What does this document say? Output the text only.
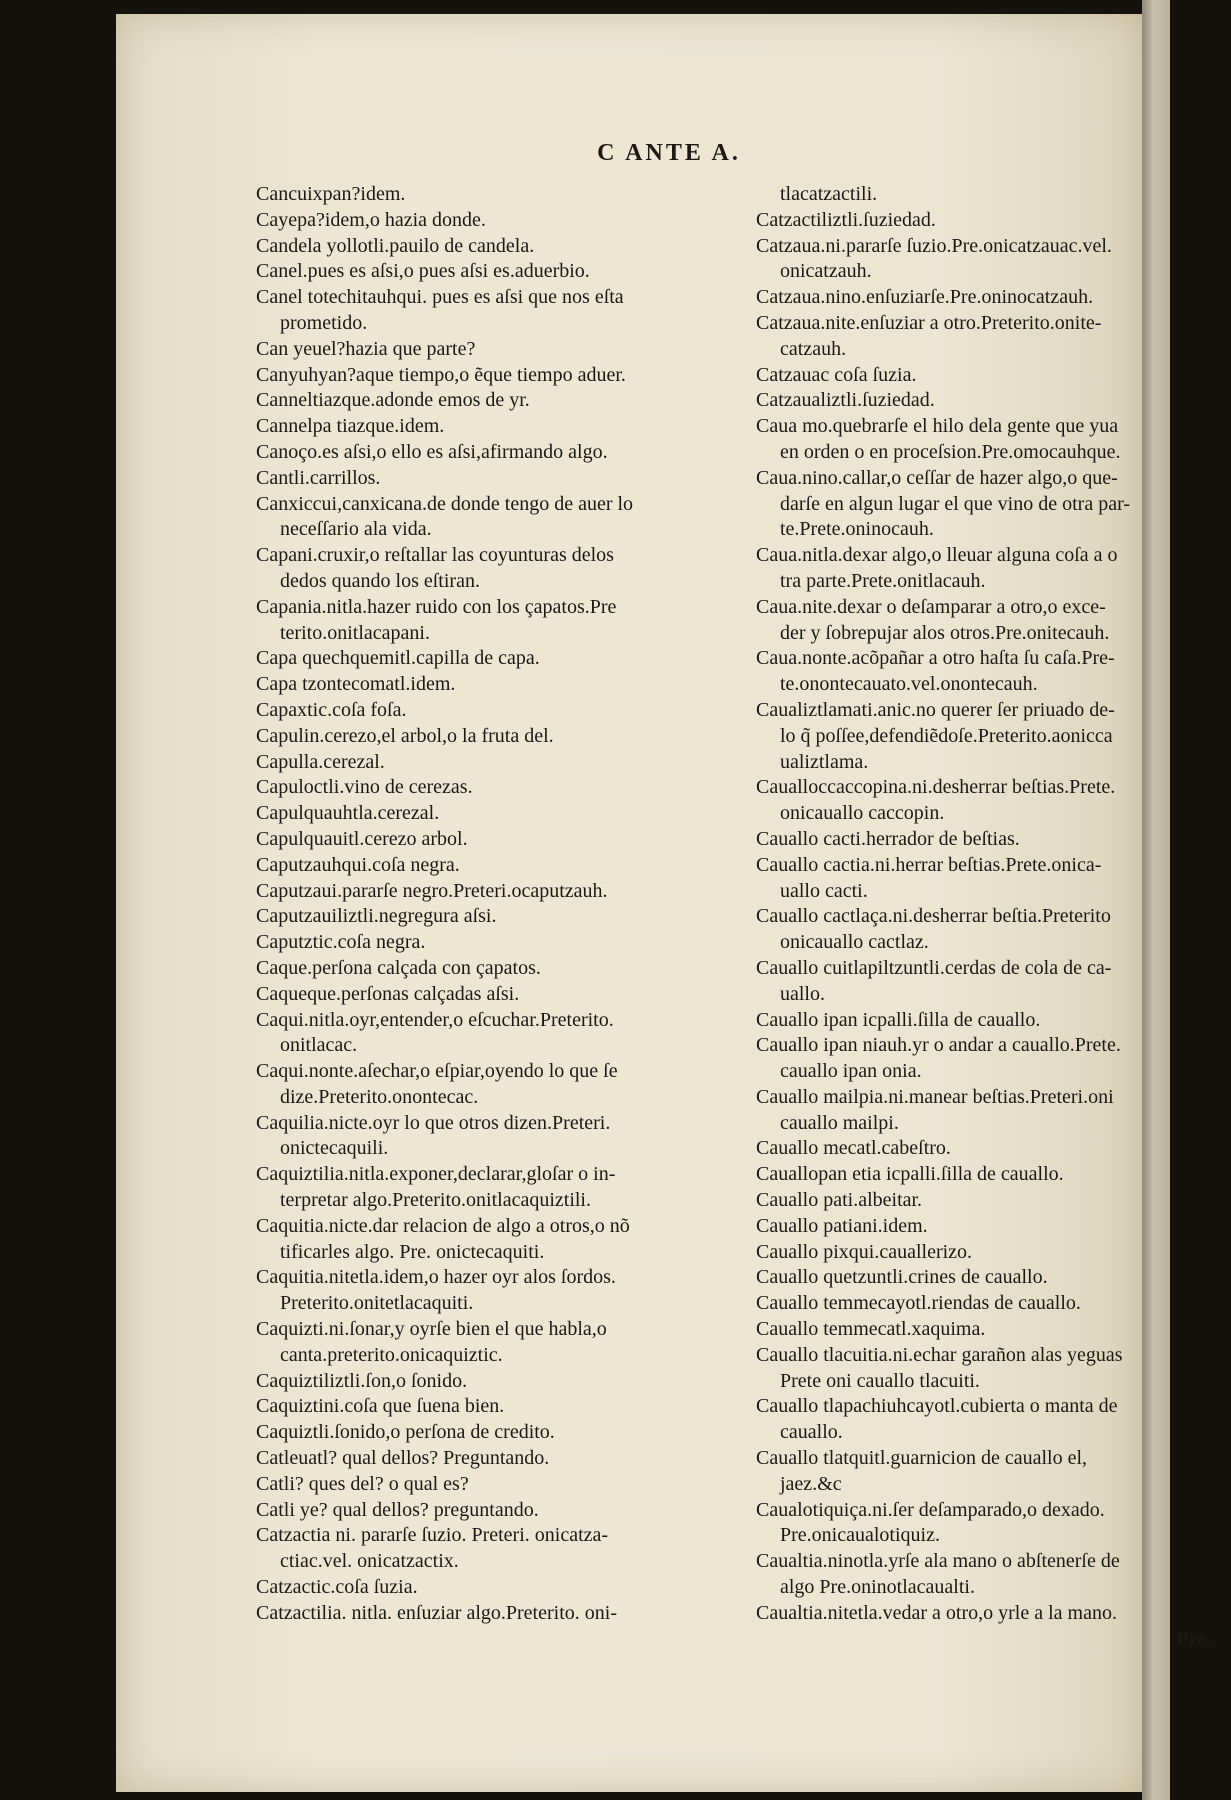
C ANTE A.
Cancuixpan?idem.
Cayepa?idem,o hazia donde.
Candela yollotli.pauilo de candela.
Canel.pues es aſsi,o pues aſsi es.aduerbio.
Canel totechitauhqui. pues es aſsi que nos eſta
prometido.
Can yeuel?hazia que parte?
Canyuhyan?aque tiempo,o ẽque tiempo aduer.
Canneltiazque.adonde emos de yr.
Cannelpa tiazque.idem.
Canoço.es aſsi,o ello es aſsi,afirmando algo.
Cantli.carrillos.
Canxiccui,canxicana.de donde tengo de auer lo
neceſſario ala vida.
Capani.cruxir,o reſtallar las coyunturas delos
dedos quando los eſtiran.
Capania.nitla.hazer ruido con los çapatos.Pre
terito.onitlacapani.
Capa quechquemitl.capilla de capa.
Capa tzontecomatl.idem.
Capaxtic.coſa foſa.
Capulin.cerezo,el arbol,o la fruta del.
Capulla.cerezal.
Capuloctli.vino de cerezas.
Capulquauhtla.cerezal.
Capulquauitl.cerezo arbol.
Caputzauhqui.coſa negra.
Caputzaui.pararſe negro.Preteri.ocaputzauh.
Caputzauiliztli.negregura aſsi.
Caputztic.coſa negra.
Caque.perſona calçada con çapatos.
Caqueque.perſonas calçadas aſsi.
Caqui.nitla.oyr,entender,o eſcuchar.Preterito.
onitlacac.
Caqui.nonte.aſechar,o eſpiar,oyendo lo que ſe
dize.Preterito.onontecac.
Caquilia.nicte.oyr lo que otros dizen.Preteri.
onictecaquili.
Caquiztilia.nitla.exponer,declarar,gloſar o in-
terpretar algo.Preterito.onitlacaquiztili.
Caquitia.nicte.dar relacion de algo a otros,o nõ
tificarles algo. Pre. onictecaquiti.
Caquitia.nitetla.idem,o hazer oyr alos ſordos.
Preterito.onitetlacaquiti.
Caquizti.ni.ſonar,y oyrſe bien el que habla,o
canta.preterito.onicaquiztic.
Caquiztiliztli.ſon,o ſonido.
Caquiztini.coſa que ſuena bien.
Caquiztli.ſonido,o perſona de credito.
Catleuatl? qual dellos? Preguntando.
Catli? ques del? o qual es?
Catli ye? qual dellos? preguntando.
Catzactia ni. pararſe ſuzio. Preteri. onicatza-
ctiac.vel. onicatzactix.
Catzactic.coſa ſuzia.
Catzactilia. nitla. enſuziar algo.Preterito. oni-
tlacatzactili.
Catzactiliztli.ſuziedad.
Catzaua.ni.pararſe ſuzio.Pre.onicatzauac.vel.
onicatzauh.
Catzaua.nino.enſuziarſe.Pre.oninocatzauh.
Catzaua.nite.enſuziar a otro.Preterito.onite-
catzauh.
Catzauac coſa ſuzia.
Catzaualiztli.ſuziedad.
Caua mo.quebrarſe el hilo dela gente que yua
en orden o en proceſsion.Pre.omocauhque.
Caua.nino.callar,o ceſſar de hazer algo,o que-
darſe en algun lugar el que vino de otra par-
te.Prete.oninocauh.
Caua.nitla.dexar algo,o lleuar alguna coſa a o
tra parte.Prete.onitlacauh.
Caua.nite.dexar o deſamparar a otro,o exce-
der y ſobrepujar alos otros.Pre.onitecauh.
Caua.nonte.acõpañar a otro haſta ſu caſa.Pre-
te.onontecauato.vel.onontecauh.
Caualiztlamati.anic.no querer ſer priuado de-
lo q̃ poſſee,defendiẽdoſe.Preterito.aonicca
ualiztlama.
Caualloccaccopina.ni.desherrar beſtias.Prete.
onicauallo caccopin.
Cauallo cacti.herrador de beſtias.
Cauallo cactia.ni.herrar beſtias.Prete.onica-
uallo cacti.
Cauallo cactlaça.ni.desherrar beſtia.Preterito
onicauallo cactlaz.
Cauallo cuitlapiltzuntli.cerdas de cola de ca-
uallo.
Cauallo ipan icpalli.ſilla de cauallo.
Cauallo ipan niauh.yr o andar a cauallo.Prete.
cauallo ipan onia.
Cauallo mailpia.ni.manear beſtias.Preteri.oni
cauallo mailpi.
Cauallo mecatl.cabeſtro.
Cauallopan etia icpalli.ſilla de cauallo.
Cauallo pati.albeitar.
Cauallo patiani.idem.
Cauallo pixqui.cauallerizo.
Cauallo quetzuntli.crines de cauallo.
Cauallo temmecayotl.riendas de cauallo.
Cauallo temmecatl.xaquima.
Cauallo tlacuitia.ni.echar garañon alas yeguas
Prete oni cauallo tlacuiti.
Cauallo tlapachiuhcayotl.cubierta o manta de
cauallo.
Cauallo tlatquitl.guarnicion de cauallo el,
jaez.&c
Caualotiquiça.ni.ſer deſamparado,o dexado.
Pre.onicaualotiquiz.
Caualtia.ninotla.yrſe ala mano o abſtenerſe de
algo Pre.oninotlacaualti.
Caualtia.nitetla.vedar a otro,o yrle a la mano.
Pre.
